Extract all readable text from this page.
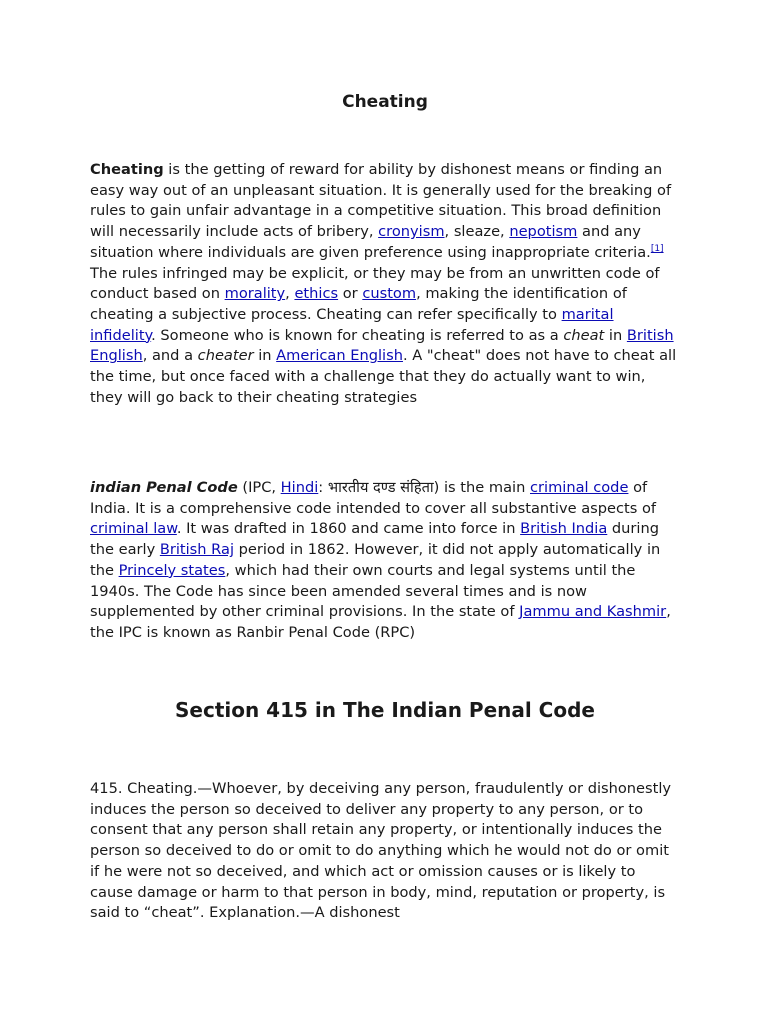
Cheating

Cheating is the getting of reward for ability by dishonest means or finding an easy way out of an unpleasant situation. It is generally used for the breaking of rules to gain unfair advantage in a competitive situation. This broad definition will necessarily include acts of bribery, cronyism, sleaze, nepotism and any situation where individuals are given preference using inappropriate criteria.[1] The rules infringed may be explicit, or they may be from an unwritten code of conduct based on morality, ethics or custom, making the identification of cheating a subjective process. Cheating can refer specifically to marital infidelity. Someone who is known for cheating is referred to as a cheat in British English, and a cheater in American English. A "cheat" does not have to cheat all the time, but once faced with a challenge that they do actually want to win, they will go back to their cheating strategies

indian Penal Code (IPC, Hindi: भारतीय दण्ड संहिता) is the main criminal code of India. It is a comprehensive code intended to cover all substantive aspects of criminal law. It was drafted in 1860 and came into force in British India during the early British Raj period in 1862. However, it did not apply automatically in the Princely states, which had their own courts and legal systems until the 1940s. The Code has since been amended several times and is now supplemented by other criminal provisions. In the state of Jammu and Kashmir, the IPC is known as Ranbir Penal Code (RPC)

Section 415 in The Indian Penal Code

415. Cheating.—Whoever, by deceiving any person, fraudulently or dishonestly induces the person so deceived to deliver any property to any person, or to consent that any person shall retain any property, or intentionally induces the person so deceived to do or omit to do anything which he would not do or omit if he were not so deceived, and which act or omission causes or is likely to cause damage or harm to that person in body, mind, reputation or property, is said to “cheat”. Explanation.—A dishonest
